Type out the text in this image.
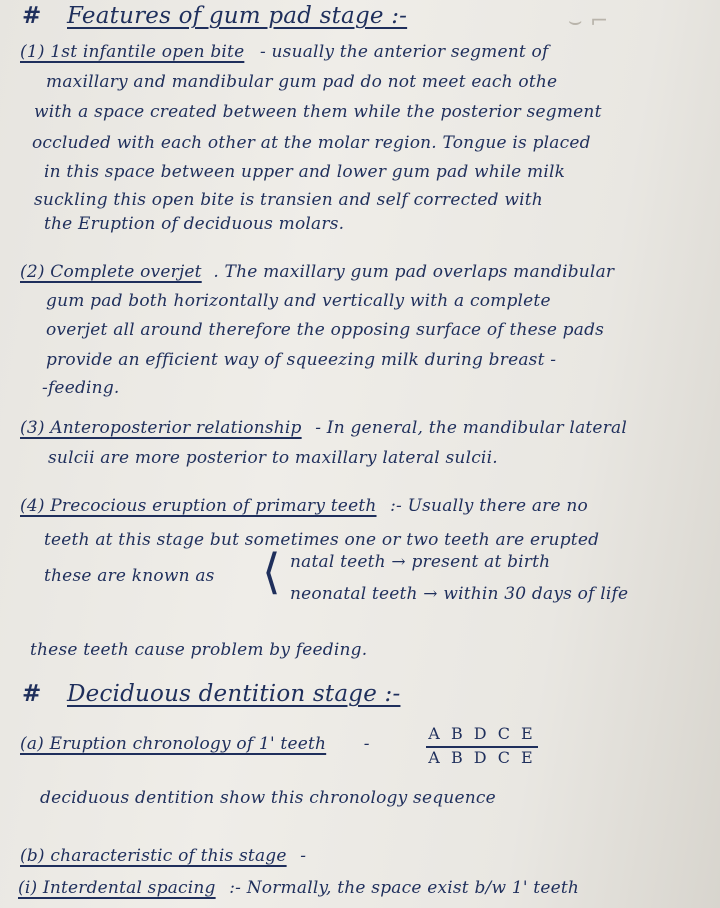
# Features of gum pad stage :-	⌣ ⌐
(1) 1st infantile open bite - usually the anterior segment of
maxillary and mandibular gum pad do not meet each othe
with a space created between them while the posterior segment
occluded with each other at the molar region. Tongue is placed
in this space between upper and lower gum pad while milk
suckling this open bite is transien and self corrected with
the Eruption of deciduous molars.
(2) Complete overjet . The maxillary gum pad overlaps mandibular
gum pad both horizontally and vertically with a complete
overjet all around therefore the opposing surface of these pads
provide an efficient way of squeezing milk during breast -
-feeding.
(3) Anteroposterior relationship - In general, the mandibular lateral
sulcii are more posterior to maxillary lateral sulcii.
(4) Precocious eruption of primary teeth :- Usually there are no
teeth at this stage but sometimes one or two teeth are erupted
these are known as ⟨ natal teeth → present at birth
neonatal teeth → within 30 days of life
these teeth cause problem by feeding.
# Deciduous dentition stage :-
(a) Eruption chronology of 1' teeth -
A B D C E
A B D C E
deciduous dentition show this chronology sequence
(b) characteristic of this stage -
(i) Interdental spacing :- Normally, the space exist b/w 1' teeth
